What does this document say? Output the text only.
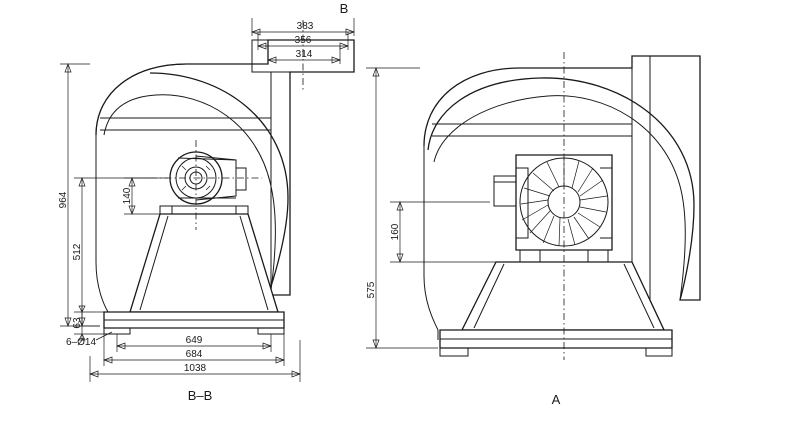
1038
684
649
6–Ø14
964
512
140
63
383
356
314
B
B–B
575
160
A
